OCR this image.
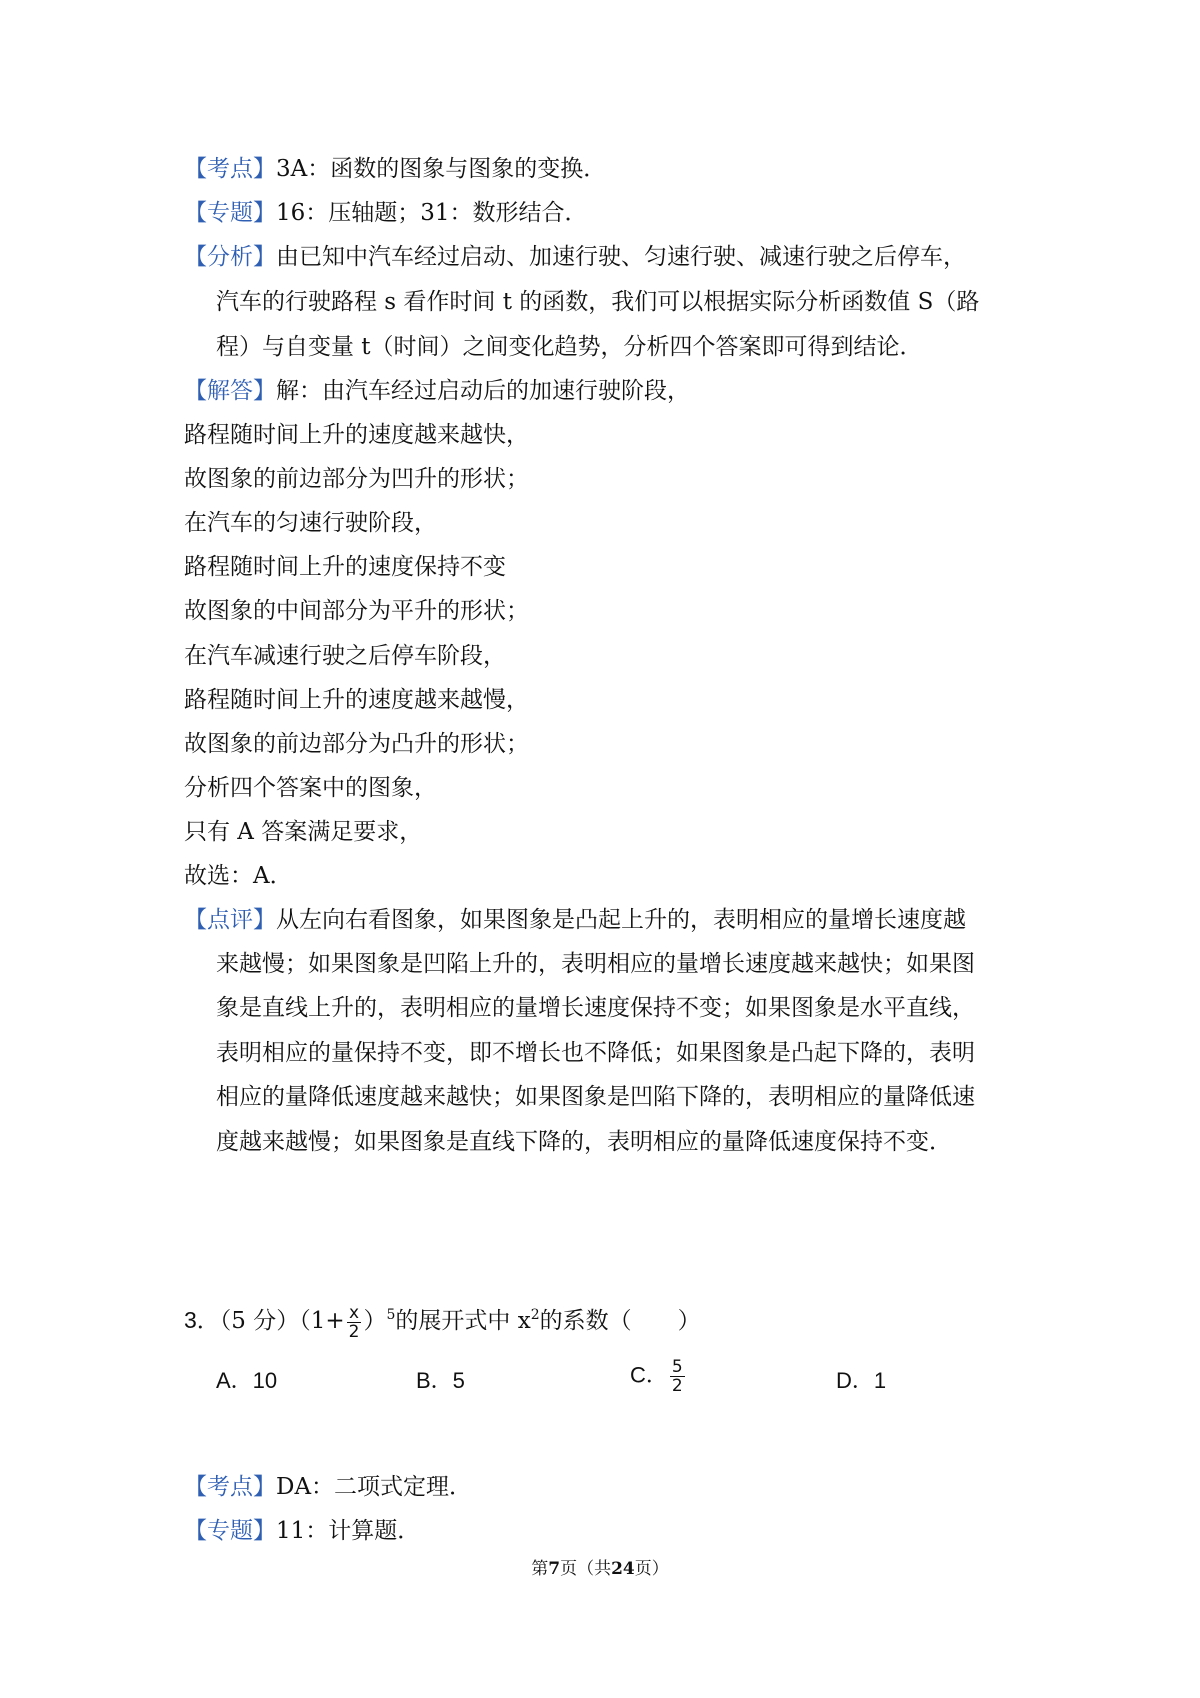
【考点】3A：函数的图象与图象的变换．
【专题】16：压轴题；31：数形结合．
【分析】由已知中汽车经过启动、加速行驶、匀速行驶、减速行驶之后停车，
汽车的行驶路程 s 看作时间 t 的函数，我们可以根据实际分析函数值 S（路
程）与自变量 t（时间）之间变化趋势，分析四个答案即可得到结论．
【解答】解：由汽车经过启动后的加速行驶阶段，
路程随时间上升的速度越来越快，
故图象的前边部分为凹升的形状；
在汽车的匀速行驶阶段，
路程随时间上升的速度保持不变
故图象的中间部分为平升的形状；
在汽车减速行驶之后停车阶段，
路程随时间上升的速度越来越慢，
故图象的前边部分为凸升的形状；
分析四个答案中的图象，
只有 A 答案满足要求，
故选：A．
【点评】从左向右看图象，如果图象是凸起上升的，表明相应的量增长速度越
来越慢；如果图象是凹陷上升的，表明相应的量增长速度越来越快；如果图
象是直线上升的，表明相应的量增长速度保持不变；如果图象是水平直线，
表明相应的量保持不变，即不增长也不降低；如果图象是凸起下降的，表明
相应的量降低速度越来越快；如果图象是凹陷下降的，表明相应的量降低速
度越来越慢；如果图象是直线下降的，表明相应的量降低速度保持不变．
3．（5 分）$(1+ \frac{x}{2} )^5$的展开式中 $x^2$的系数（　　）
A．10	B．5	C． $\frac{5}{2}$	D．1
【考点】DA：二项式定理．
【专题】11：计算题．
第7页（共24页）
